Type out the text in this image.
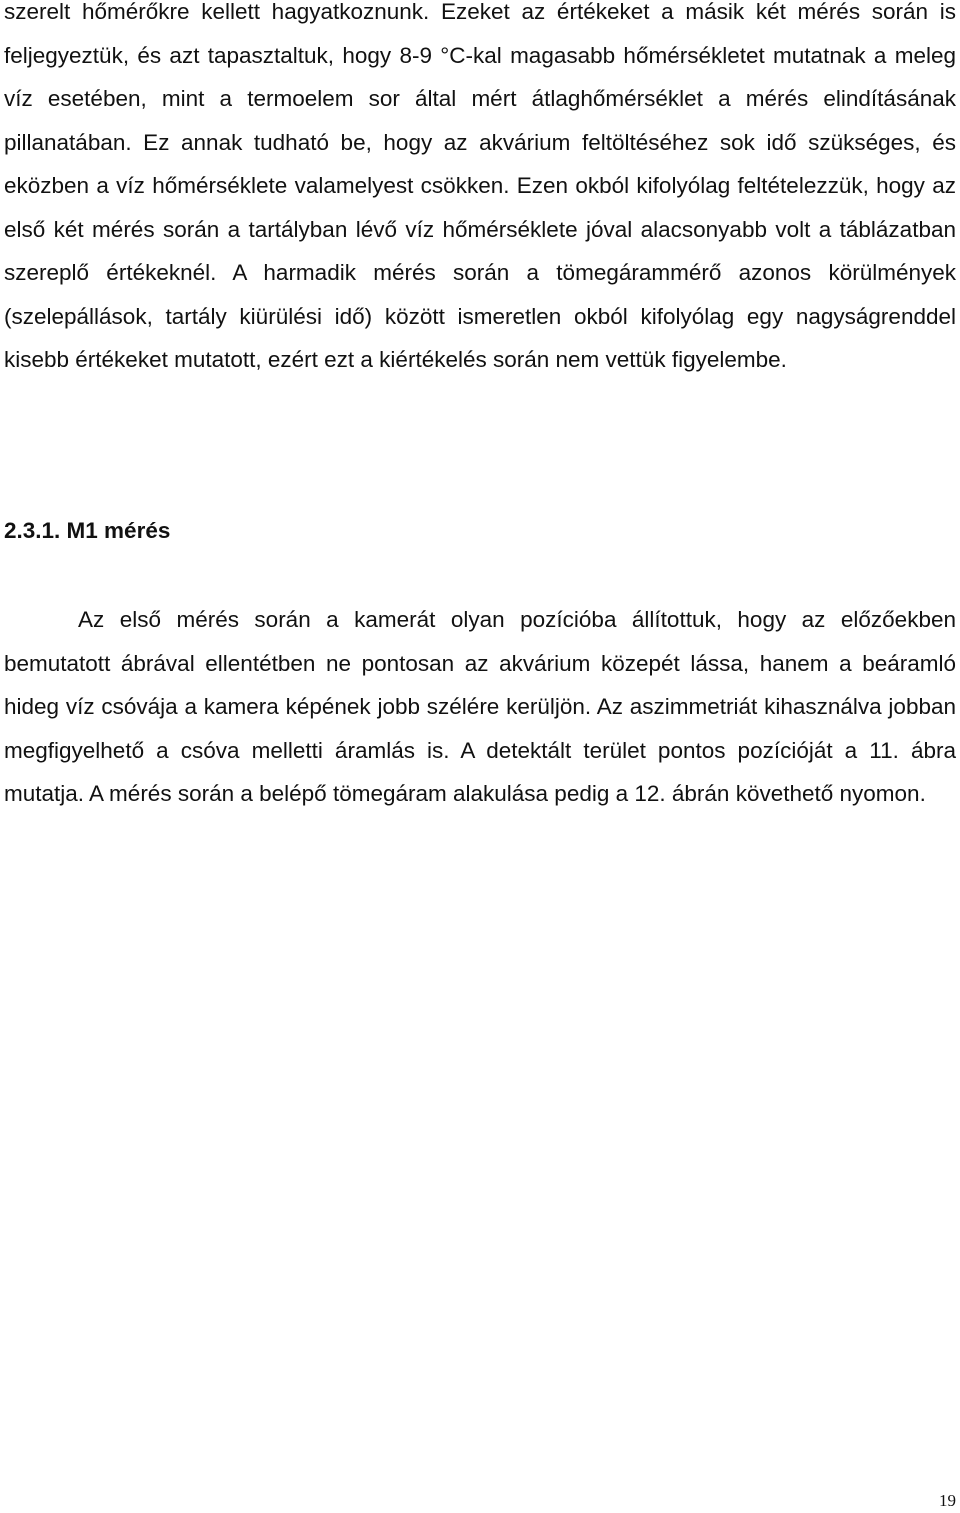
szerelt hőmérőkre kellett hagyatkoznunk. Ezeket az értékeket a másik két mérés során is feljegyeztük, és azt tapasztaltuk, hogy 8-9 °C-kal magasabb hőmérsékletet mutatnak a meleg víz esetében, mint a termoelem sor által mért átlaghőmérséklet a mérés elindításának pillanatában. Ez annak tudható be, hogy az akvárium feltöltéséhez sok idő szükséges, és eközben a víz hőmérséklete valamelyest csökken. Ezen okból kifolyólag feltételezzük, hogy az első két mérés során a tartályban lévő víz hőmérséklete jóval alacsonyabb volt a táblázatban szereplő értékeknél. A harmadik mérés során a tömegárammérő azonos körülmények (szelepállások, tartály kiürülési idő) között ismeretlen okból kifolyólag egy nagyságrenddel kisebb értékeket mutatott, ezért ezt a kiértékelés során nem vettük figyelembe.

2.3.1. M1 mérés

Az első mérés során a kamerát olyan pozícióba állítottuk, hogy az előzőekben bemutatott ábrával ellentétben ne pontosan az akvárium közepét lássa, hanem a beáramló hideg víz csóvája a kamera képének jobb szélére kerüljön. Az aszimmetriát kihasználva jobban megfigyelhető a csóva melletti áramlás is. A detektált terület pontos pozícióját a 11. ábra mutatja. A mérés során a belépő tömegáram alakulása pedig a 12. ábrán követhető nyomon.

19
